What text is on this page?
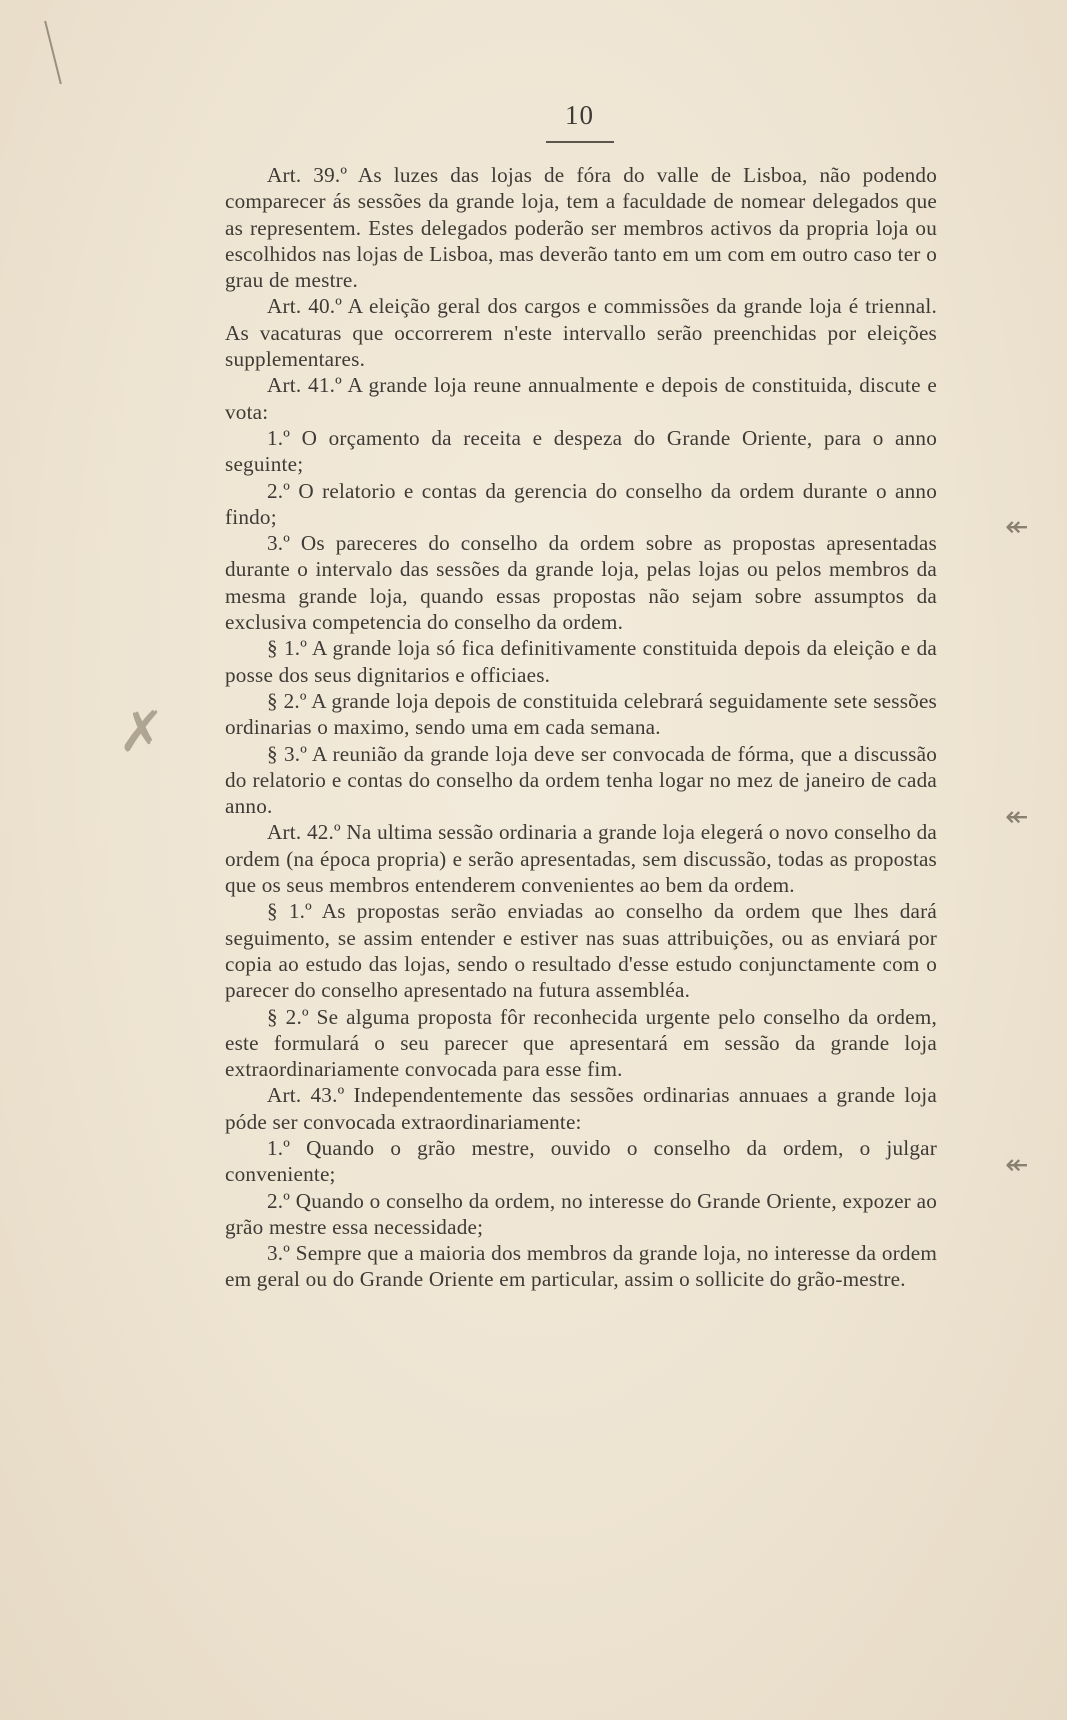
10

Art. 39.º As luzes das lojas de fóra do valle de Lisboa, não podendo comparecer ás sessões da grande loja, tem a faculdade de nomear delegados que as representem. Estes delegados poderão ser membros activos da propria loja ou escolhidos nas lojas de Lisboa, mas deverão tanto em um com em outro caso ter o grau de mestre.

Art. 40.º A eleição geral dos cargos e commissões da grande loja é triennal. As vacaturas que occorrerem n'este intervallo serão preenchidas por eleições supplementares.

Art. 41.º A grande loja reune annualmente e depois de constituida, discute e vota:

1.º O orçamento da receita e despeza do Grande Oriente, para o anno seguinte;

2.º O relatorio e contas da gerencia do conselho da ordem durante o anno findo;

3.º Os pareceres do conselho da ordem sobre as propostas apresentadas durante o intervalo das sessões da grande loja, pelas lojas ou pelos membros da mesma grande loja, quando essas propostas não sejam sobre assumptos da exclusiva competencia do conselho da ordem.

§ 1.º A grande loja só fica definitivamente constituida depois da eleição e da posse dos seus dignitarios e officiaes.

§ 2.º A grande loja depois de constituida celebrará seguidamente sete sessões ordinarias o maximo, sendo uma em cada semana.

§ 3.º A reunião da grande loja deve ser convocada de fórma, que a discussão do relatorio e contas do conselho da ordem tenha logar no mez de janeiro de cada anno.

Art. 42.º Na ultima sessão ordinaria a grande loja elegerá o novo conselho da ordem (na época propria) e serão apresentadas, sem discussão, todas as propostas que os seus membros entenderem convenientes ao bem da ordem.

§ 1.º As propostas serão enviadas ao conselho da ordem que lhes dará seguimento, se assim entender e estiver nas suas attribuições, ou as enviará por copia ao estudo das lojas, sendo o resultado d'esse estudo conjunctamente com o parecer do conselho apresentado na futura assembléa.

§ 2.º Se alguma proposta fôr reconhecida urgente pelo conselho da ordem, este formulará o seu parecer que apresentará em sessão da grande loja extraordinariamente convocada para esse fim.

Art. 43.º Independentemente das sessões ordinarias annuaes a grande loja póde ser convocada extraordinariamente:

1.º Quando o grão mestre, ouvido o conselho da ordem, o julgar conveniente;

2.º Quando o conselho da ordem, no interesse do Grande Oriente, expozer ao grão mestre essa necessidade;

3.º Sempre que a maioria dos membros da grande loja, no interesse da ordem em geral ou do Grande Oriente em particular, assim o sollicite do grão-mestre.

✗
↞
↞
↞
